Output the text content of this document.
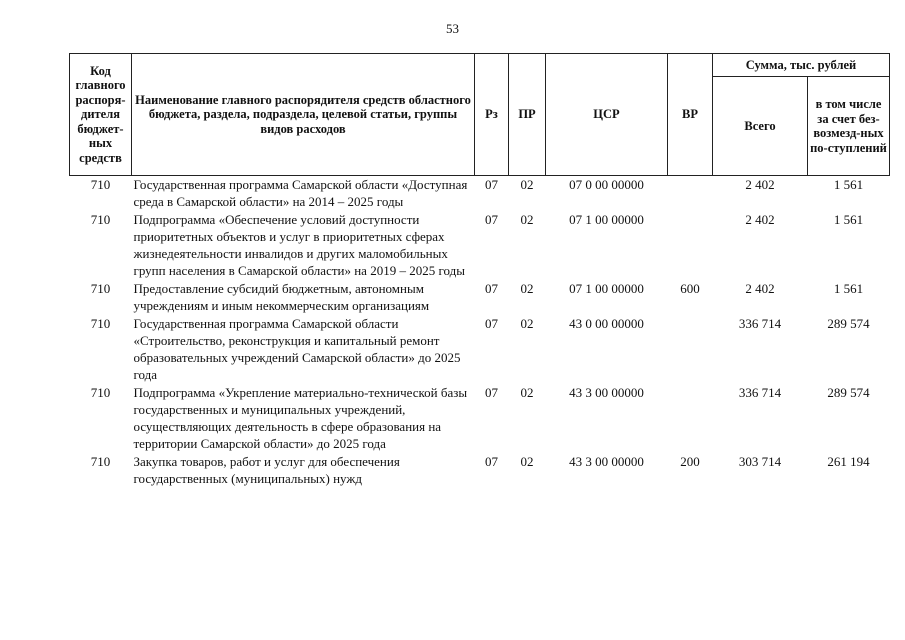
53
Код главного распоря-дителя бюджет-ных средств	Наименование главного распорядителя средств областного бюджета, раздела, подраздела, целевой статьи, группы видов расходов	Рз	ПР	ЦСР	ВР	Сумма, тыс. рублей	
						Всего	в том числе за счет без-возмезд-ных по-ступлений
710	Государственная программа Самарской области «Доступная среда в Самарской области» на 2014 – 2025 годы	07	02	07 0 00 00000		2 402	1 561
710	Подпрограмма «Обеспечение условий доступности приоритетных объектов и услуг в приоритетных сферах жизнедеятельности инвалидов и других маломобильных групп населения в Самарской области» на 2019 – 2025 годы	07	02	07 1 00 00000		2 402	1 561
710	Предоставление субсидий бюджетным, автономным учреждениям и иным некоммерческим организациям	07	02	07 1 00 00000	600	2 402	1 561
710	Государственная программа Самарской области «Строительство, реконструкция и капитальный ремонт образовательных учреждений Самарской области» до 2025 года	07	02	43 0 00 00000		336 714	289 574
710	Подпрограмма «Укрепление материально-технической базы государственных и муниципальных учреждений, осуществляющих деятельность в сфере образования на территории Самарской области» до 2025 года	07	02	43 3 00 00000		336 714	289 574
710	Закупка товаров, работ и услуг для обеспечения государственных (муниципальных) нужд	07	02	43 3 00 00000	200	303 714	261 194
